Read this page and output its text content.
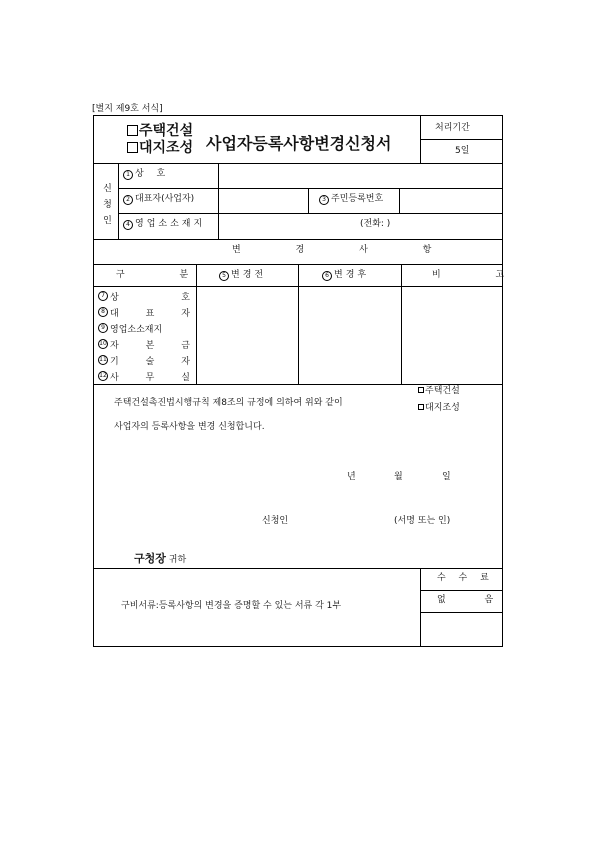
[별지 제9호 서식]
주택건설
대지조성 사업자등록사항변경신청서
처리기간
5일
신청인
1 상 호
2 대표자(사업자)	3 주민등록번호
4 영업소소재지	(전화: )
변 경 사 항
구 분	5 변경전	6 변경후	비 고
7 상 호
8 대 표 자
9 영업소소재지
10 자 본 금
11 기 술 자
12 사 무 실
주택건설
대지조성
주택건설촉진법시행규칙 제8조의 규정에 의하여 위와 같이
사업자의 등록사항을 변경 신청합니다.
년	월	일
신청인	(서명 또는 인)
구청장 귀하
수 수 료
없 음
구비서류:등록사항의 변경을 증명할 수 있는 서류 각 1부
